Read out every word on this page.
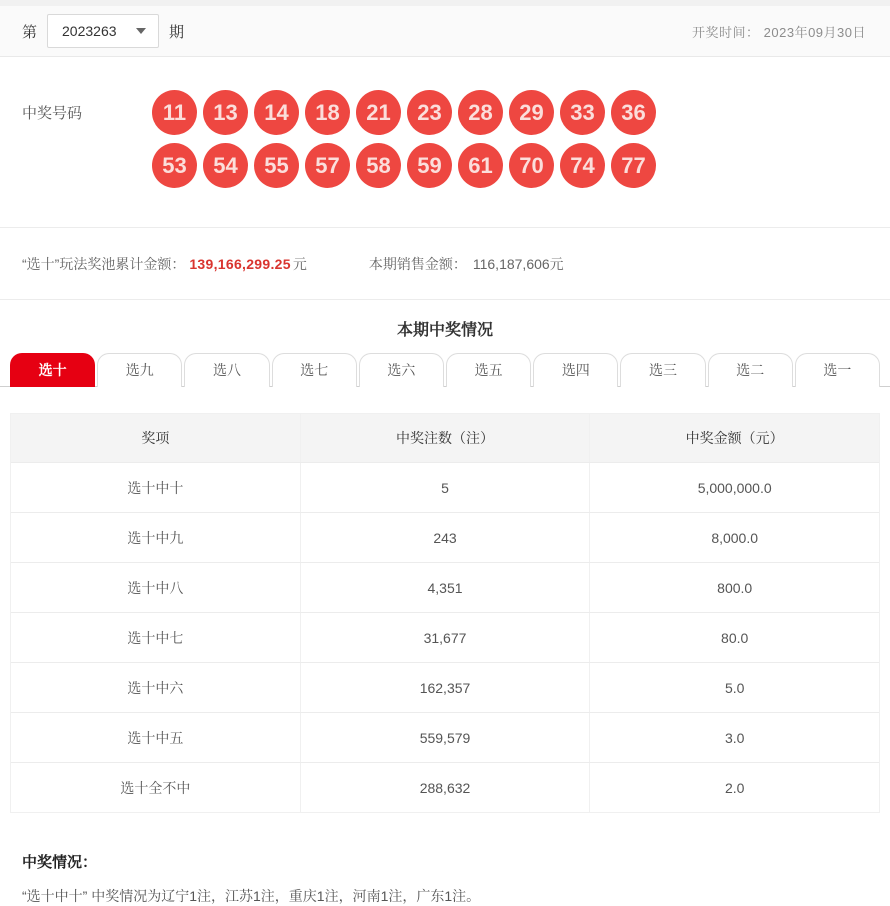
第 2023263	期	开奖时间： 2023年09月30日
中奖号码	11	13	14	18	21	23	28	29	33	36
53	54	55	57	58	59	61	70	74	77
“选十”玩法奖池累计金额： 139,166,299.25 元	本期销售金额： 116,187,606元
本期中奖情况
选十	选九	选八	选七	选六	选五	选四	选三	选二	选一
奖项	中奖注数（注）	中奖金额（元）
选十中十	5	5,000,000.0
选十中九	243	8,000.0
选十中八	4,351	800.0
选十中七	31,677	80.0
选十中六	162,357	5.0
选十中五	559,579	3.0
选十全不中	288,632	2.0
中奖情况：
“选十中十” 中奖情况为辽宁1注，江苏1注，重庆1注，河南1注，广东1注。
